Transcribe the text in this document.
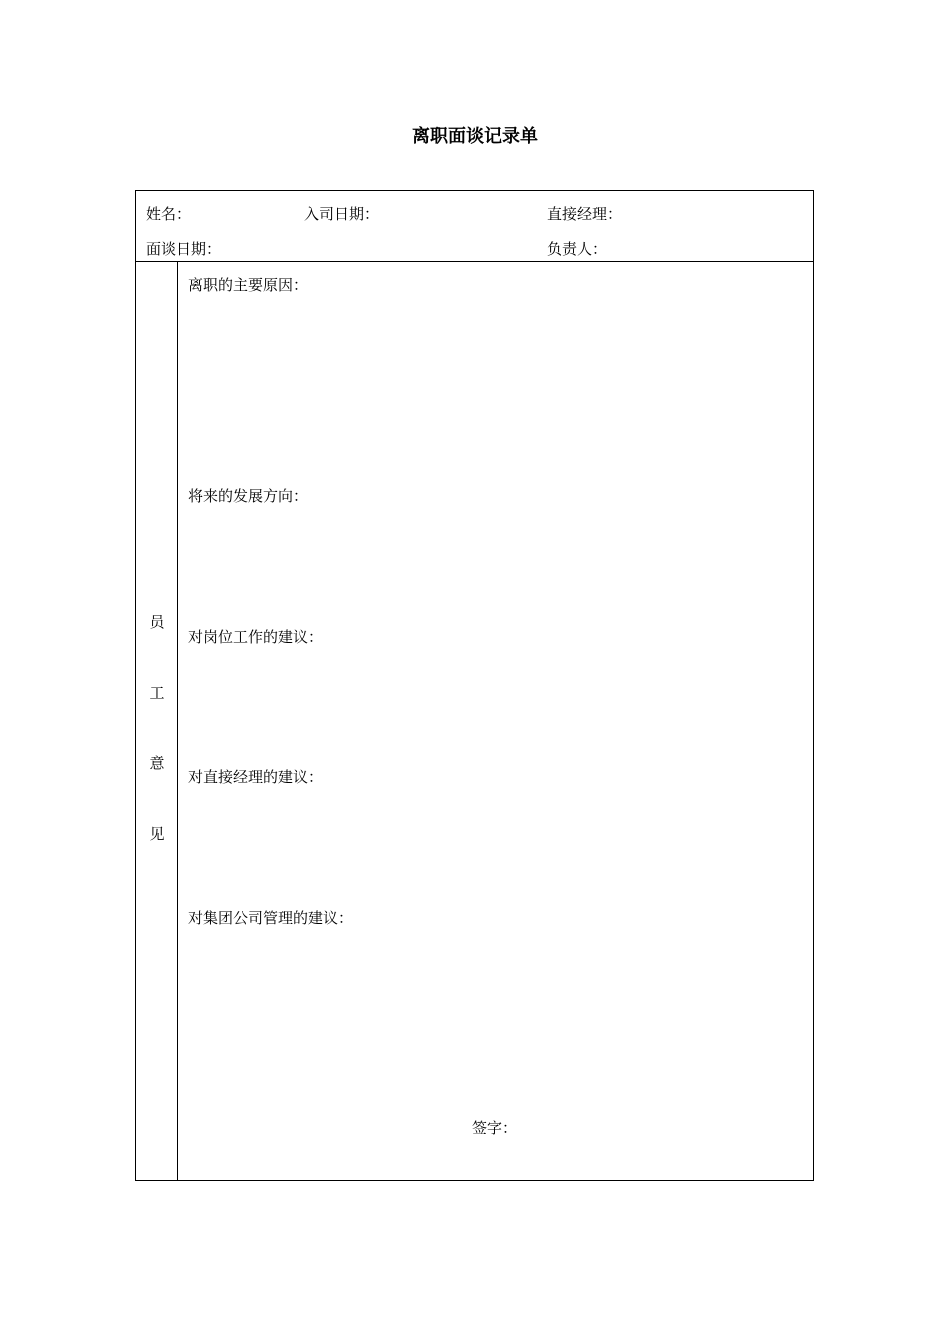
离职面谈记录单
姓名：	入司日期：	直接经理：
面谈日期：	负责人：
员
工
意
见
离职的主要原因：
将来的发展方向：
对岗位工作的建议：
对直接经理的建议：
对集团公司管理的建议：
签字：
